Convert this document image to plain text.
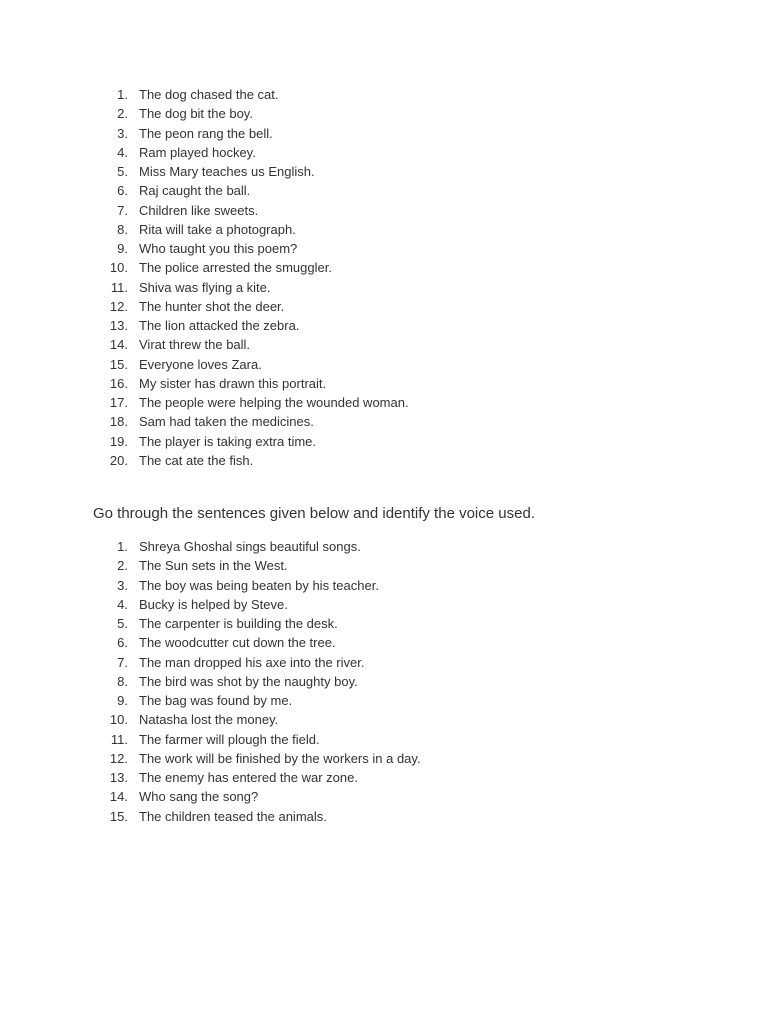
1. The dog chased the cat.
2. The dog bit the boy.
3. The peon rang the bell.
4. Ram played hockey.
5. Miss Mary teaches us English.
6. Raj caught the ball.
7. Children like sweets.
8. Rita will take a photograph.
9. Who taught you this poem?
10. The police arrested the smuggler.
11. Shiva was flying a kite.
12. The hunter shot the deer.
13. The lion attacked the zebra.
14. Virat threw the ball.
15. Everyone loves Zara.
16. My sister has drawn this portrait.
17. The people were helping the wounded woman.
18. Sam had taken the medicines.
19. The player is taking extra time.
20. The cat ate the fish.

Go through the sentences given below and identify the voice used.

1. Shreya Ghoshal sings beautiful songs.
2. The Sun sets in the West.
3. The boy was being beaten by his teacher.
4. Bucky is helped by Steve.
5. The carpenter is building the desk.
6. The woodcutter cut down the tree.
7. The man dropped his axe into the river.
8. The bird was shot by the naughty boy.
9. The bag was found by me.
10. Natasha lost the money.
11. The farmer will plough the field.
12. The work will be finished by the workers in a day.
13. The enemy has entered the war zone.
14. Who sang the song?
15. The children teased the animals.
